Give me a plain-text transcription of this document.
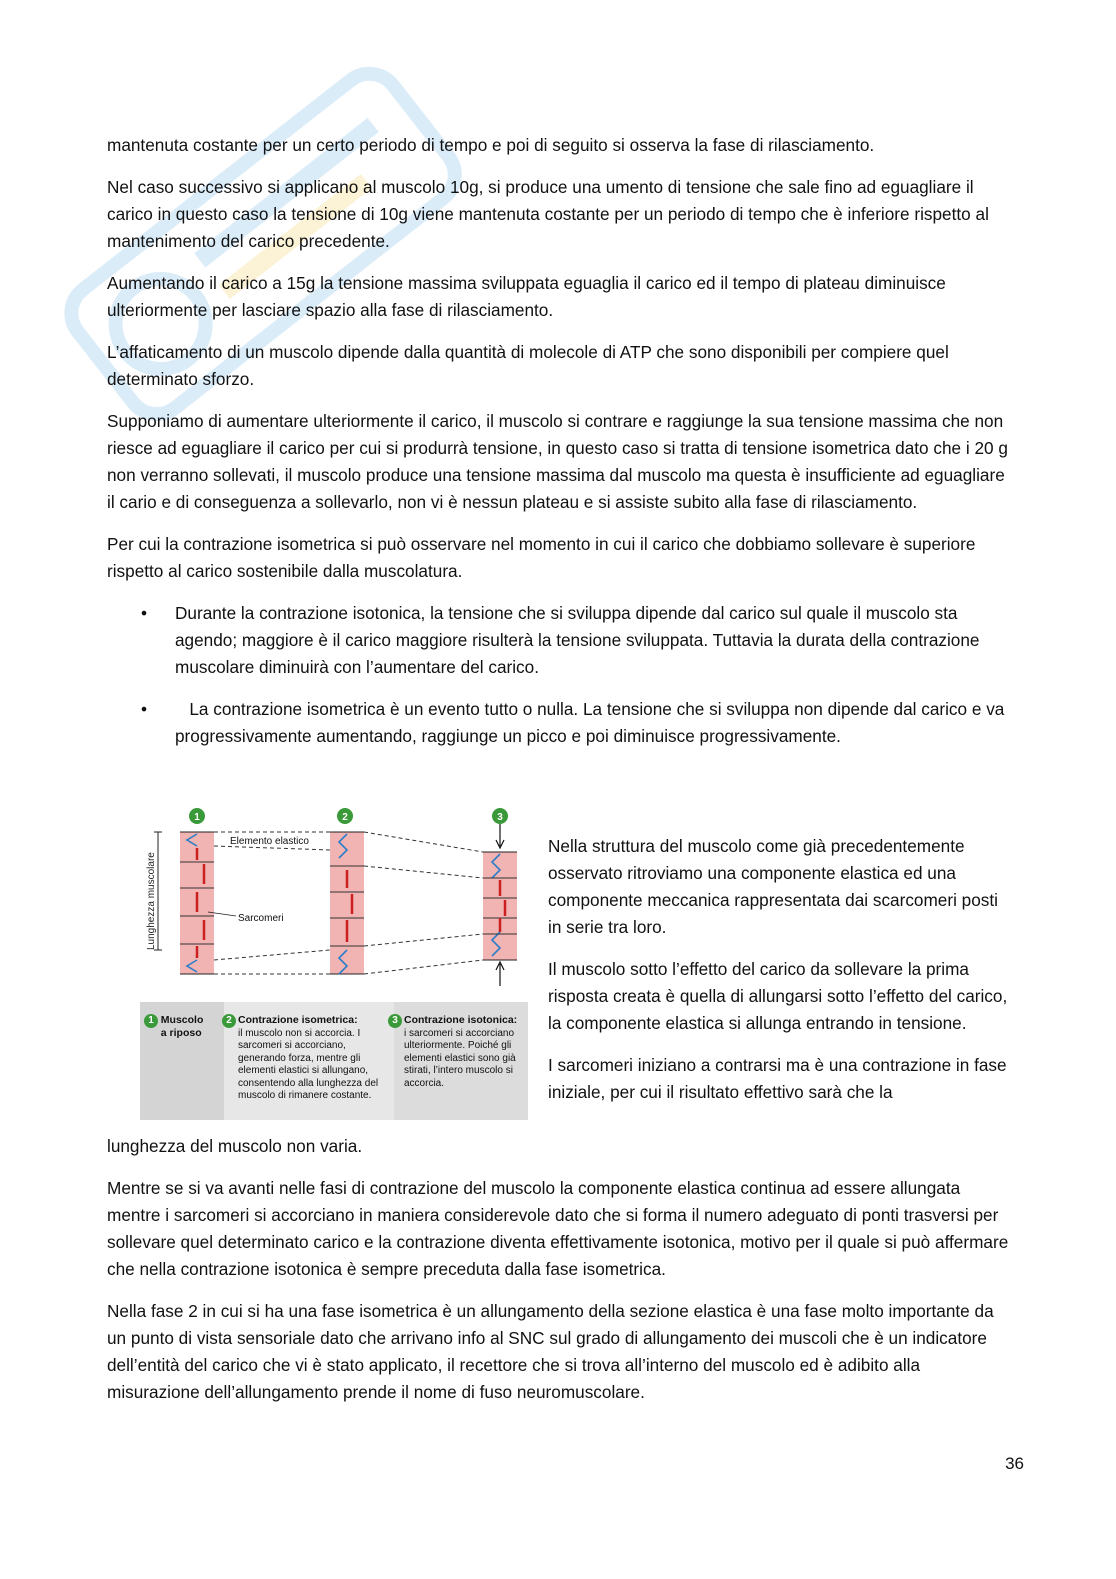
mantenuta costante per un certo periodo di tempo e poi di seguito si osserva la fase di rilasciamento.

Nel caso successivo si applicano al muscolo 10g, si produce una umento di tensione che sale fino ad eguagliare il carico in questo caso la tensione di 10g viene mantenuta costante per un periodo di tempo che è inferiore rispetto al mantenimento del carico precedente.

Aumentando il carico a 15g la tensione massima sviluppata eguaglia il carico ed il tempo di plateau diminuisce ulteriormente per lasciare spazio alla fase di rilasciamento.

L’affaticamento di un muscolo dipende dalla quantità di molecole di ATP che sono disponibili per compiere quel determinato sforzo.

Supponiamo di aumentare ulteriormente il carico, il muscolo si contrare e raggiunge la sua tensione massima che non riesce ad eguagliare il carico per cui si produrrà tensione, in questo caso si tratta di tensione isometrica dato che i 20 g non verranno sollevati, il muscolo produce una tensione massima dal muscolo ma questa è insufficiente ad eguagliare il cario e di conseguenza a sollevarlo, non vi è nessun plateau e si assiste subito alla fase di rilasciamento.

Per cui la contrazione isometrica si può osservare nel momento in cui il carico che dobbiamo sollevare è superiore rispetto al carico sostenibile dalla muscolatura.

• Durante la contrazione isotonica, la tensione che si sviluppa dipende dal carico sul quale il muscolo sta agendo; maggiore è il carico maggiore risulterà la tensione sviluppata. Tuttavia la durata della contrazione muscolare diminuirà con l’aumentare del carico.
• La contrazione isometrica è un evento tutto o nulla. La tensione che si sviluppa non dipende dal carico e va progressivamente aumentando, raggiunge un picco e poi diminuisce progressivamente.
1	2	3
Lunghezza muscolare
Elemento elastico
Sarcomeri
1 Muscolo a riposo
2 Contrazione isometrica:
il muscolo non si accorcia. I sarcomeri si accorciano, generando forza, mentre gli elementi elastici si allungano, consentendo alla lunghezza del muscolo di rimanere costante.
3 Contrazione isotonica:
i sarcomeri si accorciano ulteriormente. Poiché gli elementi elastici sono già stirati, l’intero muscolo si accorcia.

Nella struttura del muscolo come già precedentemente osservato ritroviamo una componente elastica ed una componente meccanica rappresentata dai scarcomeri posti in serie tra loro.

Il muscolo sotto l’effetto del carico da sollevare la prima risposta creata è quella di allungarsi sotto l’effetto del carico, la componente elastica si allunga entrando in tensione.

I sarcomeri iniziano a contrarsi ma è una contrazione in fase iniziale, per cui il risultato effettivo sarà che la

lunghezza del muscolo non varia.

Mentre se si va avanti nelle fasi di contrazione del muscolo la componente elastica continua ad essere allungata mentre i sarcomeri si accorciano in maniera considerevole dato che si forma il numero adeguato di ponti trasversi per sollevare quel determinato carico e la contrazione diventa effettivamente isotonica, motivo per il quale si può affermare che nella contrazione isotonica è sempre preceduta dalla fase isometrica.

Nella fase 2 in cui si ha una fase isometrica è un allungamento della sezione elastica è una fase molto importante da un punto di vista sensoriale dato che arrivano info al SNC sul grado di allungamento dei muscoli che è un indicatore dell’entità del carico che vi è stato applicato, il recettore che si trova all’interno del muscolo ed è adibito alla misurazione dell’allungamento prende il nome di fuso neuromuscolare.

36
